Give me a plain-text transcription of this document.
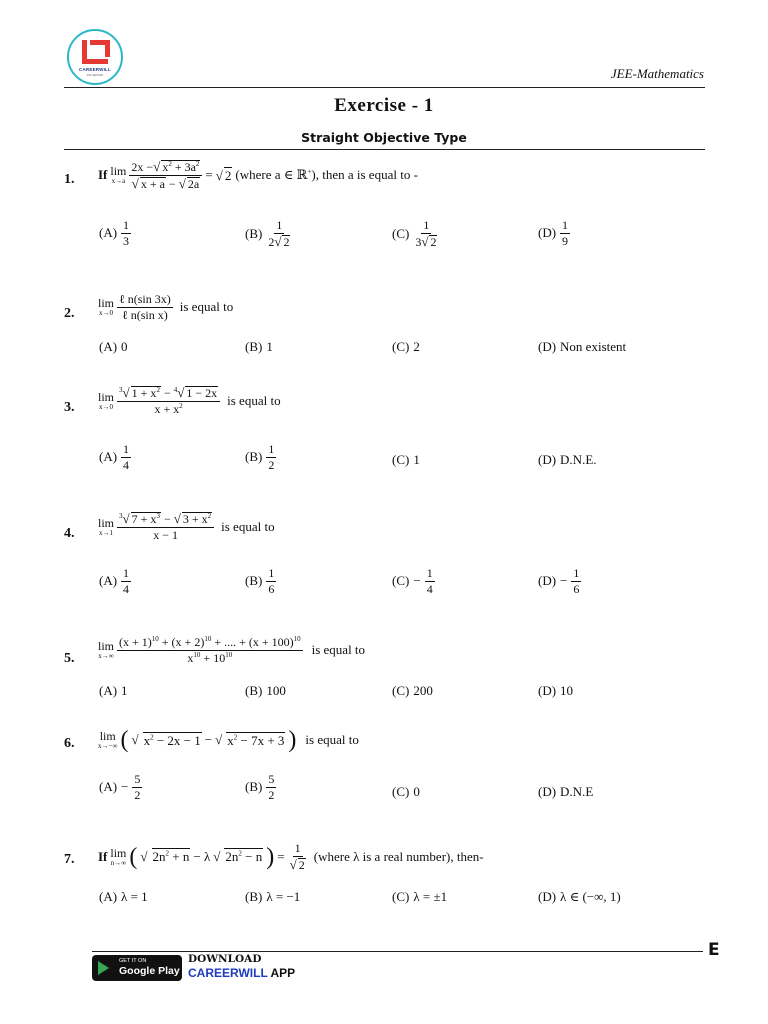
CAREERWILL
PG GROUP	JEE-Mathematics
Exercise - 1
Straight Objective Type
1. If lim
$x\to a \frac{2x -√ x^2 + 3a^2}{√ x + a - √ 2a}$ = √ 2 (where a ∈ ℝ+), then a is equal to -
$(A) \frac{1}{3}$	$(B) \frac{1}{2√ 2}$	$(C) \frac{1}{3√ 2}$	$(D) \frac{1}{9}$
2.
lim
$x\to 0 \frac{\text{ℓ n(sin 3x)}}{\text{ℓ n(sin x)}}$ is equal to
(A) 0	(B) 1	(C) 2	(D) Non existent
3.
lim
$x\to 0 \frac{^3√ 1 + x^2 - ^4√ 1 - 2x}{x + x^2}$ is equal to
$(A) \frac{1}{4}$	$(B) \frac{1}{2}$	(C) 1	(D) D.N.E.
4.
lim
$x\to 1 \frac{^3√ 7 + x^3 - √ 3 + x^2}{x - 1}$ is equal to
$(A) \frac{1}{4}$	$(B) \frac{1}{6}$	$(C) - \frac{1}{4}$	$(D) - \frac{1}{6}$
5.
lim
$x\to\infty \frac{(x + 1)^{10} + (x + 2)^{10} + .... + (x + 100)^{10}}{x^{10} + 10^{10}}$ is equal to
(A) 1	(B) 100	(C) 200	(D) 10
6. lim
x→−∞ ( √ $x^2 - 2x - 1$ − √ $x^2 - 7x + 3$ ) is equal to
$(A) - \frac{5}{2}$	$(B) \frac{5}{2}$	(C) 0	(D) D.N.E
7. If lim
n→∞ ( √ $2n^2 + n - \lambda$ √ $2n^2 - n$ ) = $\frac{1}{√ 2}$ (where λ is a real number), then-
(A) λ = 1	(B) λ = −1	(C) λ = ±1	(D) λ ∈ (−∞, 1)
E
GET IT ON
Google Play
DOWNLOAD
CAREERWILL APP
